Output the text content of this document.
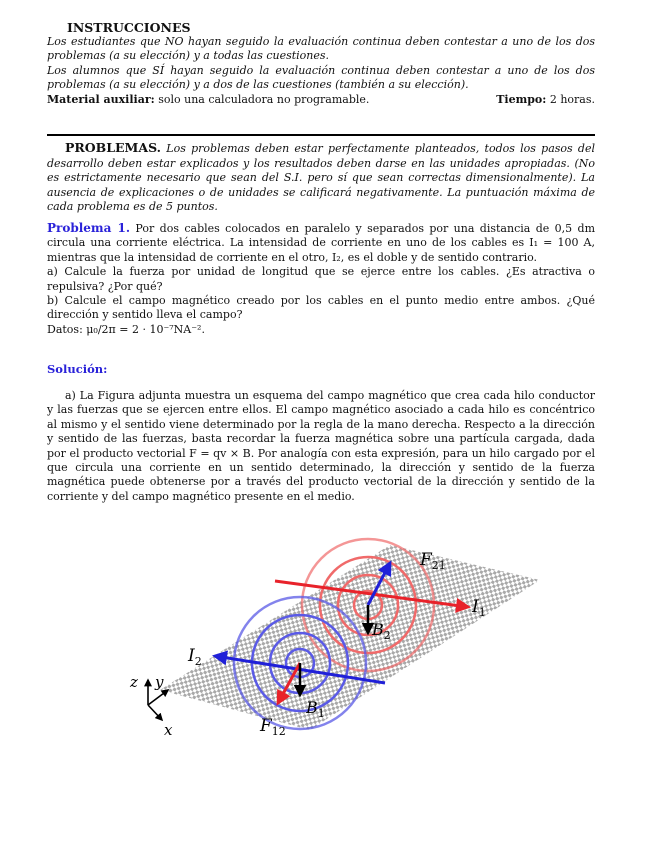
INSTRUCCIONES

Los estudiantes que NO hayan seguido la evaluación continua deben contestar a uno de los dos problemas (a su elección) y a todas las cuestiones.

Los alumnos que SÍ hayan seguido la evaluación continua deben contestar a uno de los dos problemas (a su elección) y a dos de las cuestiones (también a su elección).

Material auxiliar: solo una calculadora no programable.	Tiempo: 2 horas.

PROBLEMAS. Los problemas deben estar perfectamente planteados, todos los pasos del desarrollo deben estar explicados y los resultados deben darse en las unidades apropiadas. (No es estrictamente necesario que sean del S.I. pero sí que sean correctas dimensionalmente). La ausencia de explicaciones o de unidades se calificará negativamente. La puntuación máxima de cada problema es de 5 puntos.

Problema 1. Por dos cables colocados en paralelo y separados por una distancia de 0,5 dm circula una corriente eléctrica. La intensidad de corriente en uno de los cables es I₁ = 100 A, mientras que la intensidad de corriente en el otro, I₂, es el doble y de sentido contrario.

a) Calcule la fuerza por unidad de longitud que se ejerce entre los cables. ¿Es atractiva o repulsiva? ¿Por qué?

b) Calcule el campo magnético creado por los cables en el punto medio entre ambos. ¿Qué dirección y sentido lleva el campo?

Datos: μ₀/2π = 2 · 10⁻⁷NA⁻².

Solución:

a) La Figura adjunta muestra un esquema del campo magnético que crea cada hilo conductor y las fuerzas que se ejercen entre ellos. El campo magnético asociado a cada hilo es concéntrico al mismo y el sentido viene determinado por la regla de la mano derecha. Respecto a la dirección y sentido de las fuerzas, basta recordar la fuerza magnética sobre una partícula cargada, dada por el producto vectorial F = qv × B. Por analogía con esta expresión, para un hilo cargado por el que circula una corriente en un sentido determinado, la dirección y sentido de la fuerza magnética puede obtenerse por a través del producto vectorial de la dirección y sentido de la corriente y del campo magnético presente en el medio.

$F_{21}$
$I_1$
$B_2$
$I_2$
$B_1$
$F_{12}$
z y
x
